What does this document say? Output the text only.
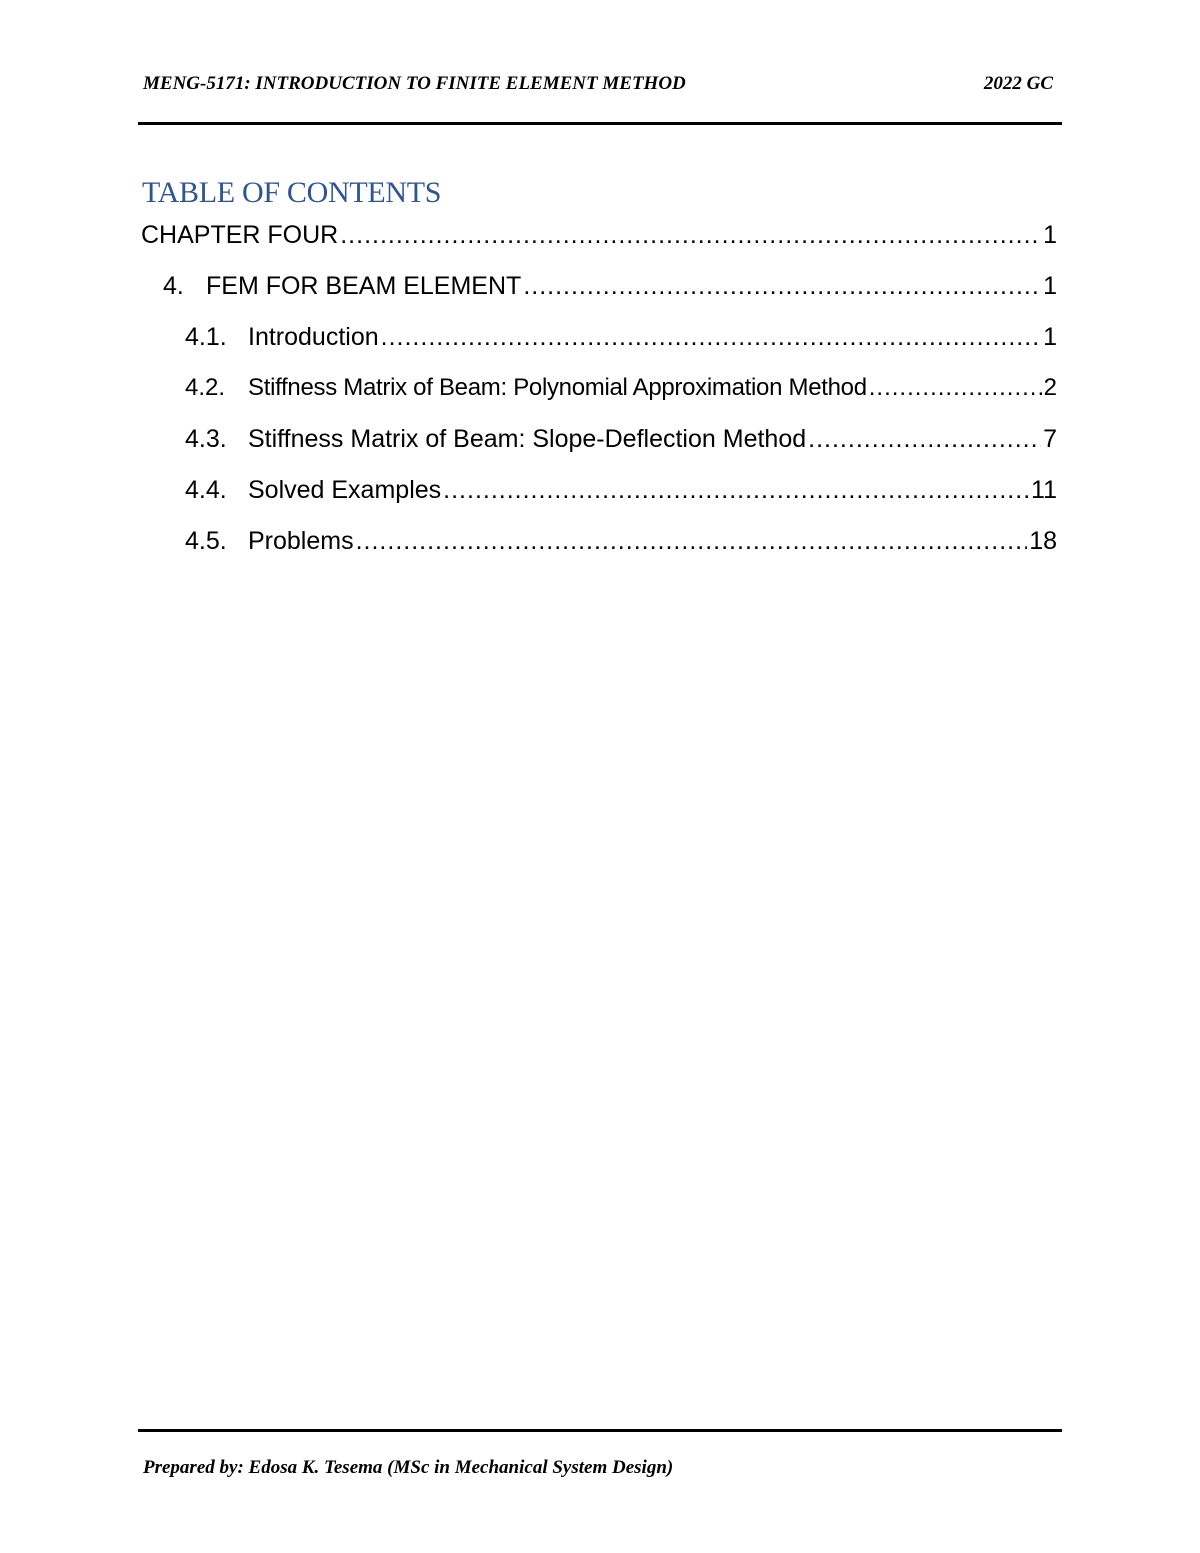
MENG-5171: INTRODUCTION TO FINITE ELEMENT METHOD	2022 GC
TABLE OF CONTENTS
CHAPTER FOUR .....	1
4. FEM FOR BEAM ELEMENT .....	1
4.1. Introduction .....	1
4.2. Stiffness Matrix of Beam: Polynomial Approximation Method .....	2
4.3. Stiffness Matrix of Beam: Slope-Deflection Method .....	7
4.4. Solved Examples .....	11
4.5. Problems .....	18
Prepared by: Edosa K. Tesema (MSc in Mechanical System Design)
